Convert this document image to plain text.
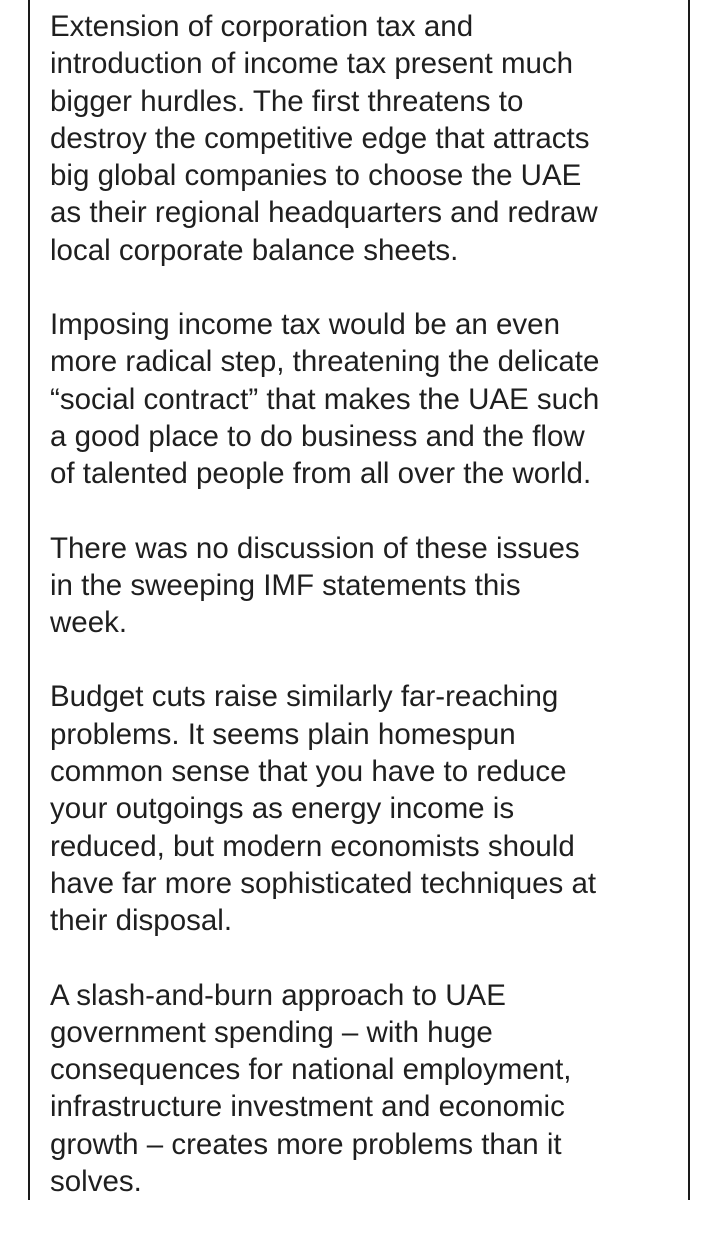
Extension of corporation tax and
introduction of income tax present much
bigger hurdles. The first threatens to
destroy the competitive edge that attracts
big global companies to choose the UAE
as their regional headquarters and redraw
local corporate balance sheets.

Imposing income tax would be an even
more radical step, threatening the delicate
“social contract” that makes the UAE such
a good place to do business and the flow
of talented people from all over the world.

There was no discussion of these issues
in the sweeping IMF statements this
week.

Budget cuts raise similarly far-reaching
problems. It seems plain homespun
common sense that you have to reduce
your outgoings as energy income is
reduced, but modern economists should
have far more sophisticated techniques at
their disposal.

A slash-and-burn approach to UAE
government spending – with huge
consequences for national employment,
infrastructure investment and economic
growth – creates more problems than it
solves.
